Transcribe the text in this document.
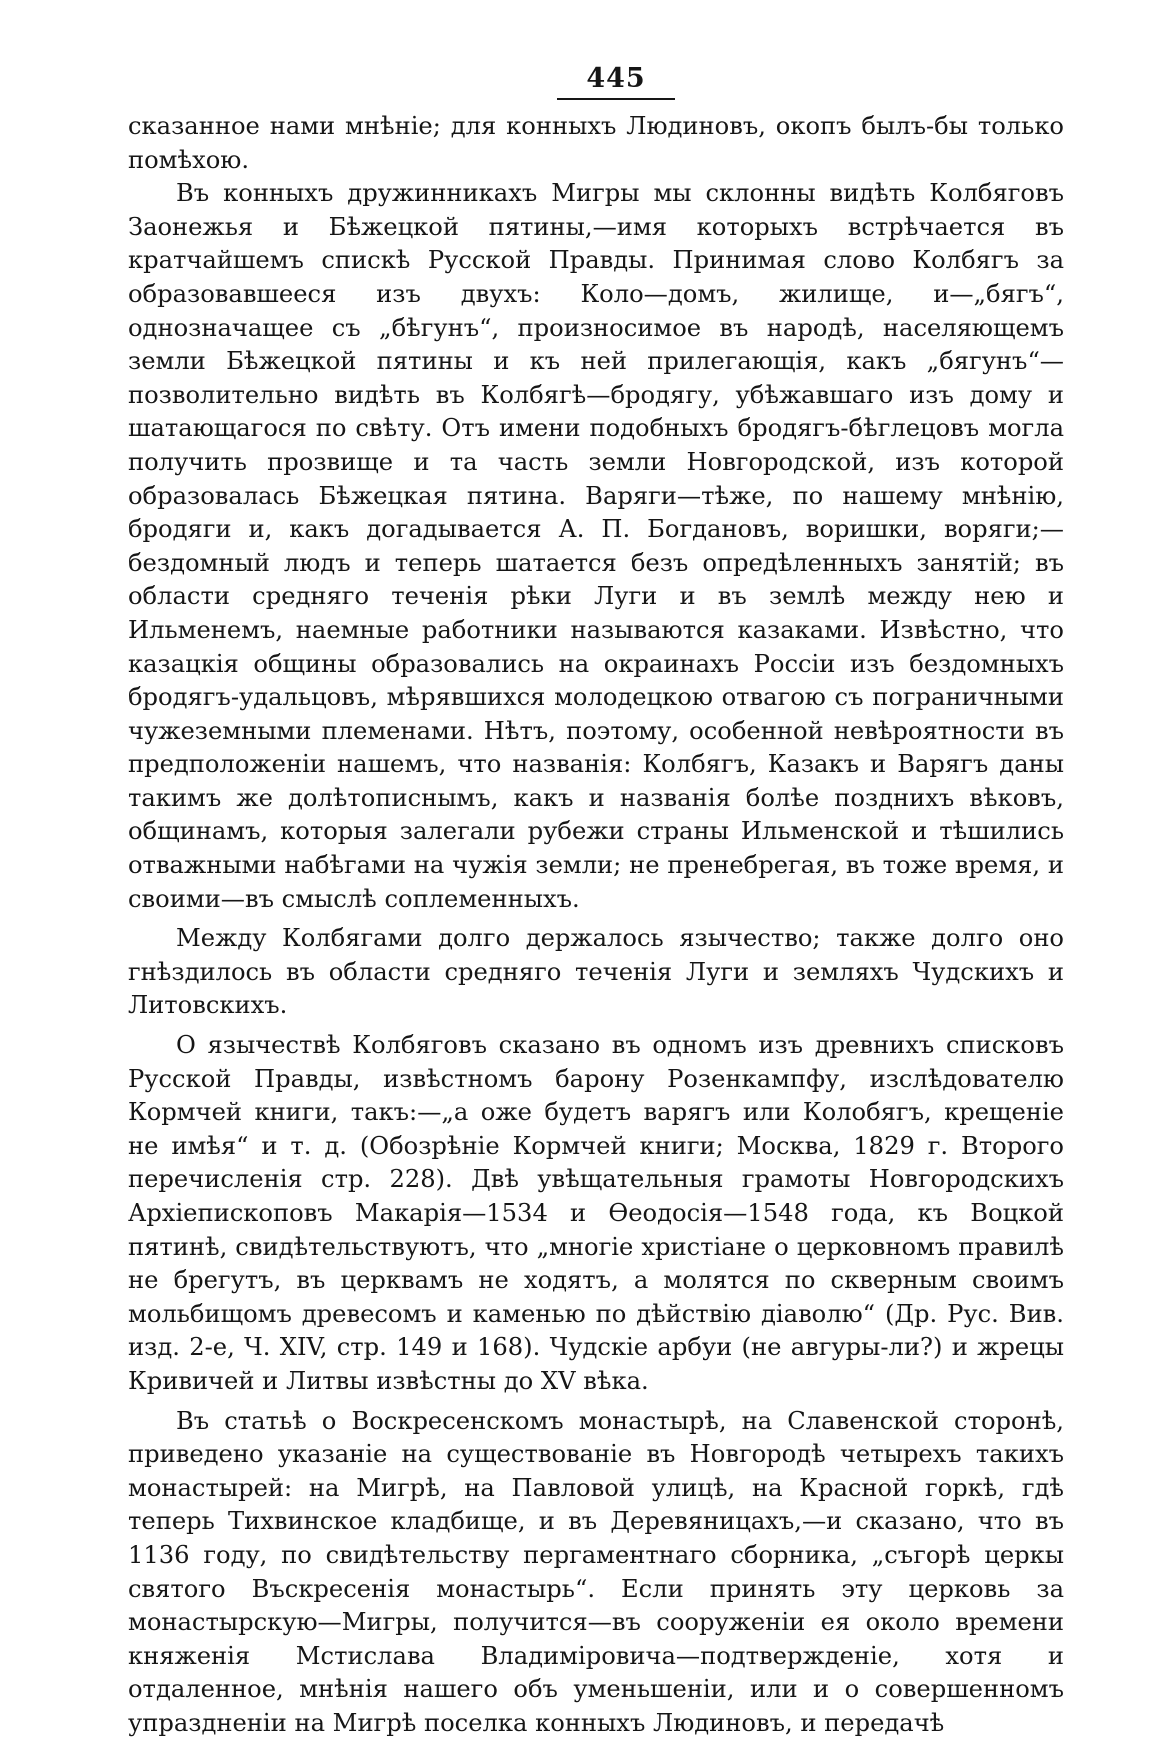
445

сказанное нами мнѣніе; для конныхъ Людиновъ, окопъ былъ-бы только помѣхою.

Въ конныхъ дружинникахъ Мигры мы склонны видѣть Колбяговъ Заонежья и Бѣжецкой пятины,—имя которыхъ встрѣчается въ кратчайшемъ спискѣ Русской Правды. Принимая слово Колбягъ за образовавшееся изъ двухъ: Коло—домъ, жилище, и—„бягъ“, однозначащее съ „бѣгунъ“, произносимое въ народѣ, населяющемъ земли Бѣжецкой пятины и къ ней прилегающія, какъ „бягунъ“—позволительно видѣть въ Колбягѣ—бродягу, убѣжавшаго изъ дому и шатающагося по свѣту. Отъ имени подобныхъ бродягъ-бѣглецовъ могла получить прозвище и та часть земли Новгородской, изъ которой образовалась Бѣжецкая пятина. Варяги—тѣже, по нашему мнѣнію, бродяги и, какъ догадывается А. П. Богдановъ, воришки, воряги;—бездомный людъ и теперь шатается безъ опредѣленныхъ занятій; въ области средняго теченія рѣки Луги и въ землѣ между нею и Ильменемъ, наемные работники называются казаками. Извѣстно, что казацкія общины образовались на окраинахъ Россіи изъ бездомныхъ бродягъ-удальцовъ, мѣрявшихся молодецкою отвагою съ пограничными чужеземными племенами. Нѣтъ, поэтому, особенной невѣроятности въ предположеніи нашемъ, что названія: Колбягъ, Казакъ и Варягъ даны такимъ же долѣтописнымъ, какъ и названія болѣе позднихъ вѣковъ, общинамъ, которыя залегали рубежи страны Ильменской и тѣшились отважными набѣгами на чужія земли; не пренебрегая, въ тоже время, и своими—въ смыслѣ соплеменныхъ.

Между Колбягами долго держалось язычество; также долго оно гнѣздилось въ области средняго теченія Луги и земляхъ Чудскихъ и Литовскихъ.

О язычествѣ Колбяговъ сказано въ одномъ изъ древнихъ списковъ Русской Правды, извѣстномъ барону Розенкампфу, изслѣдователю Кормчей книги, такъ:—„а оже будетъ варягъ или Колобягъ, крещеніе не имѣя“ и т. д. (Обозрѣніе Кормчей книги; Москва, 1829 г. Второго перечисленія стр. 228). Двѣ увѣщательныя грамоты Новгородскихъ Архіепископовъ Макарія—1534 и Ѳеодосія—1548 года, къ Воцкой пятинѣ, свидѣтельствуютъ, что „многіе христіане о церковномъ правилѣ не брегутъ, въ церквамъ не ходятъ, а молятся по скверным своимъ мольбищомъ древесомъ и каменью по дѣйствію діаволю“ (Др. Рус. Вив. изд. 2-е, Ч. XIV, стр. 149 и 168). Чудскіе арбуи (не авгуры-ли?) и жрецы Кривичей и Литвы извѣстны до XV вѣка.

Въ статьѣ о Воскресенскомъ монастырѣ, на Славенской сторонѣ, приведено указаніе на существованіе въ Новгородѣ четырехъ такихъ монастырей: на Мигрѣ, на Павловой улицѣ, на Красной горкѣ, гдѣ теперь Тихвинское кладбище, и въ Деревяницахъ,—и сказано, что въ 1136 году, по свидѣтельству пергаментнаго сборника, „съгорѣ церкы святого Въскресенія монастырь“. Если принять эту церковь за монастырскую—Мигры, получится—въ сооруженіи ея около времени княженія Мстислава Владиміровича—подтвержденіе, хотя и отдаленное, мнѣнія нашего объ уменьшеніи, или и о совершенномъ упраздненіи на Мигрѣ поселка конныхъ Людиновъ, и передачѣ
